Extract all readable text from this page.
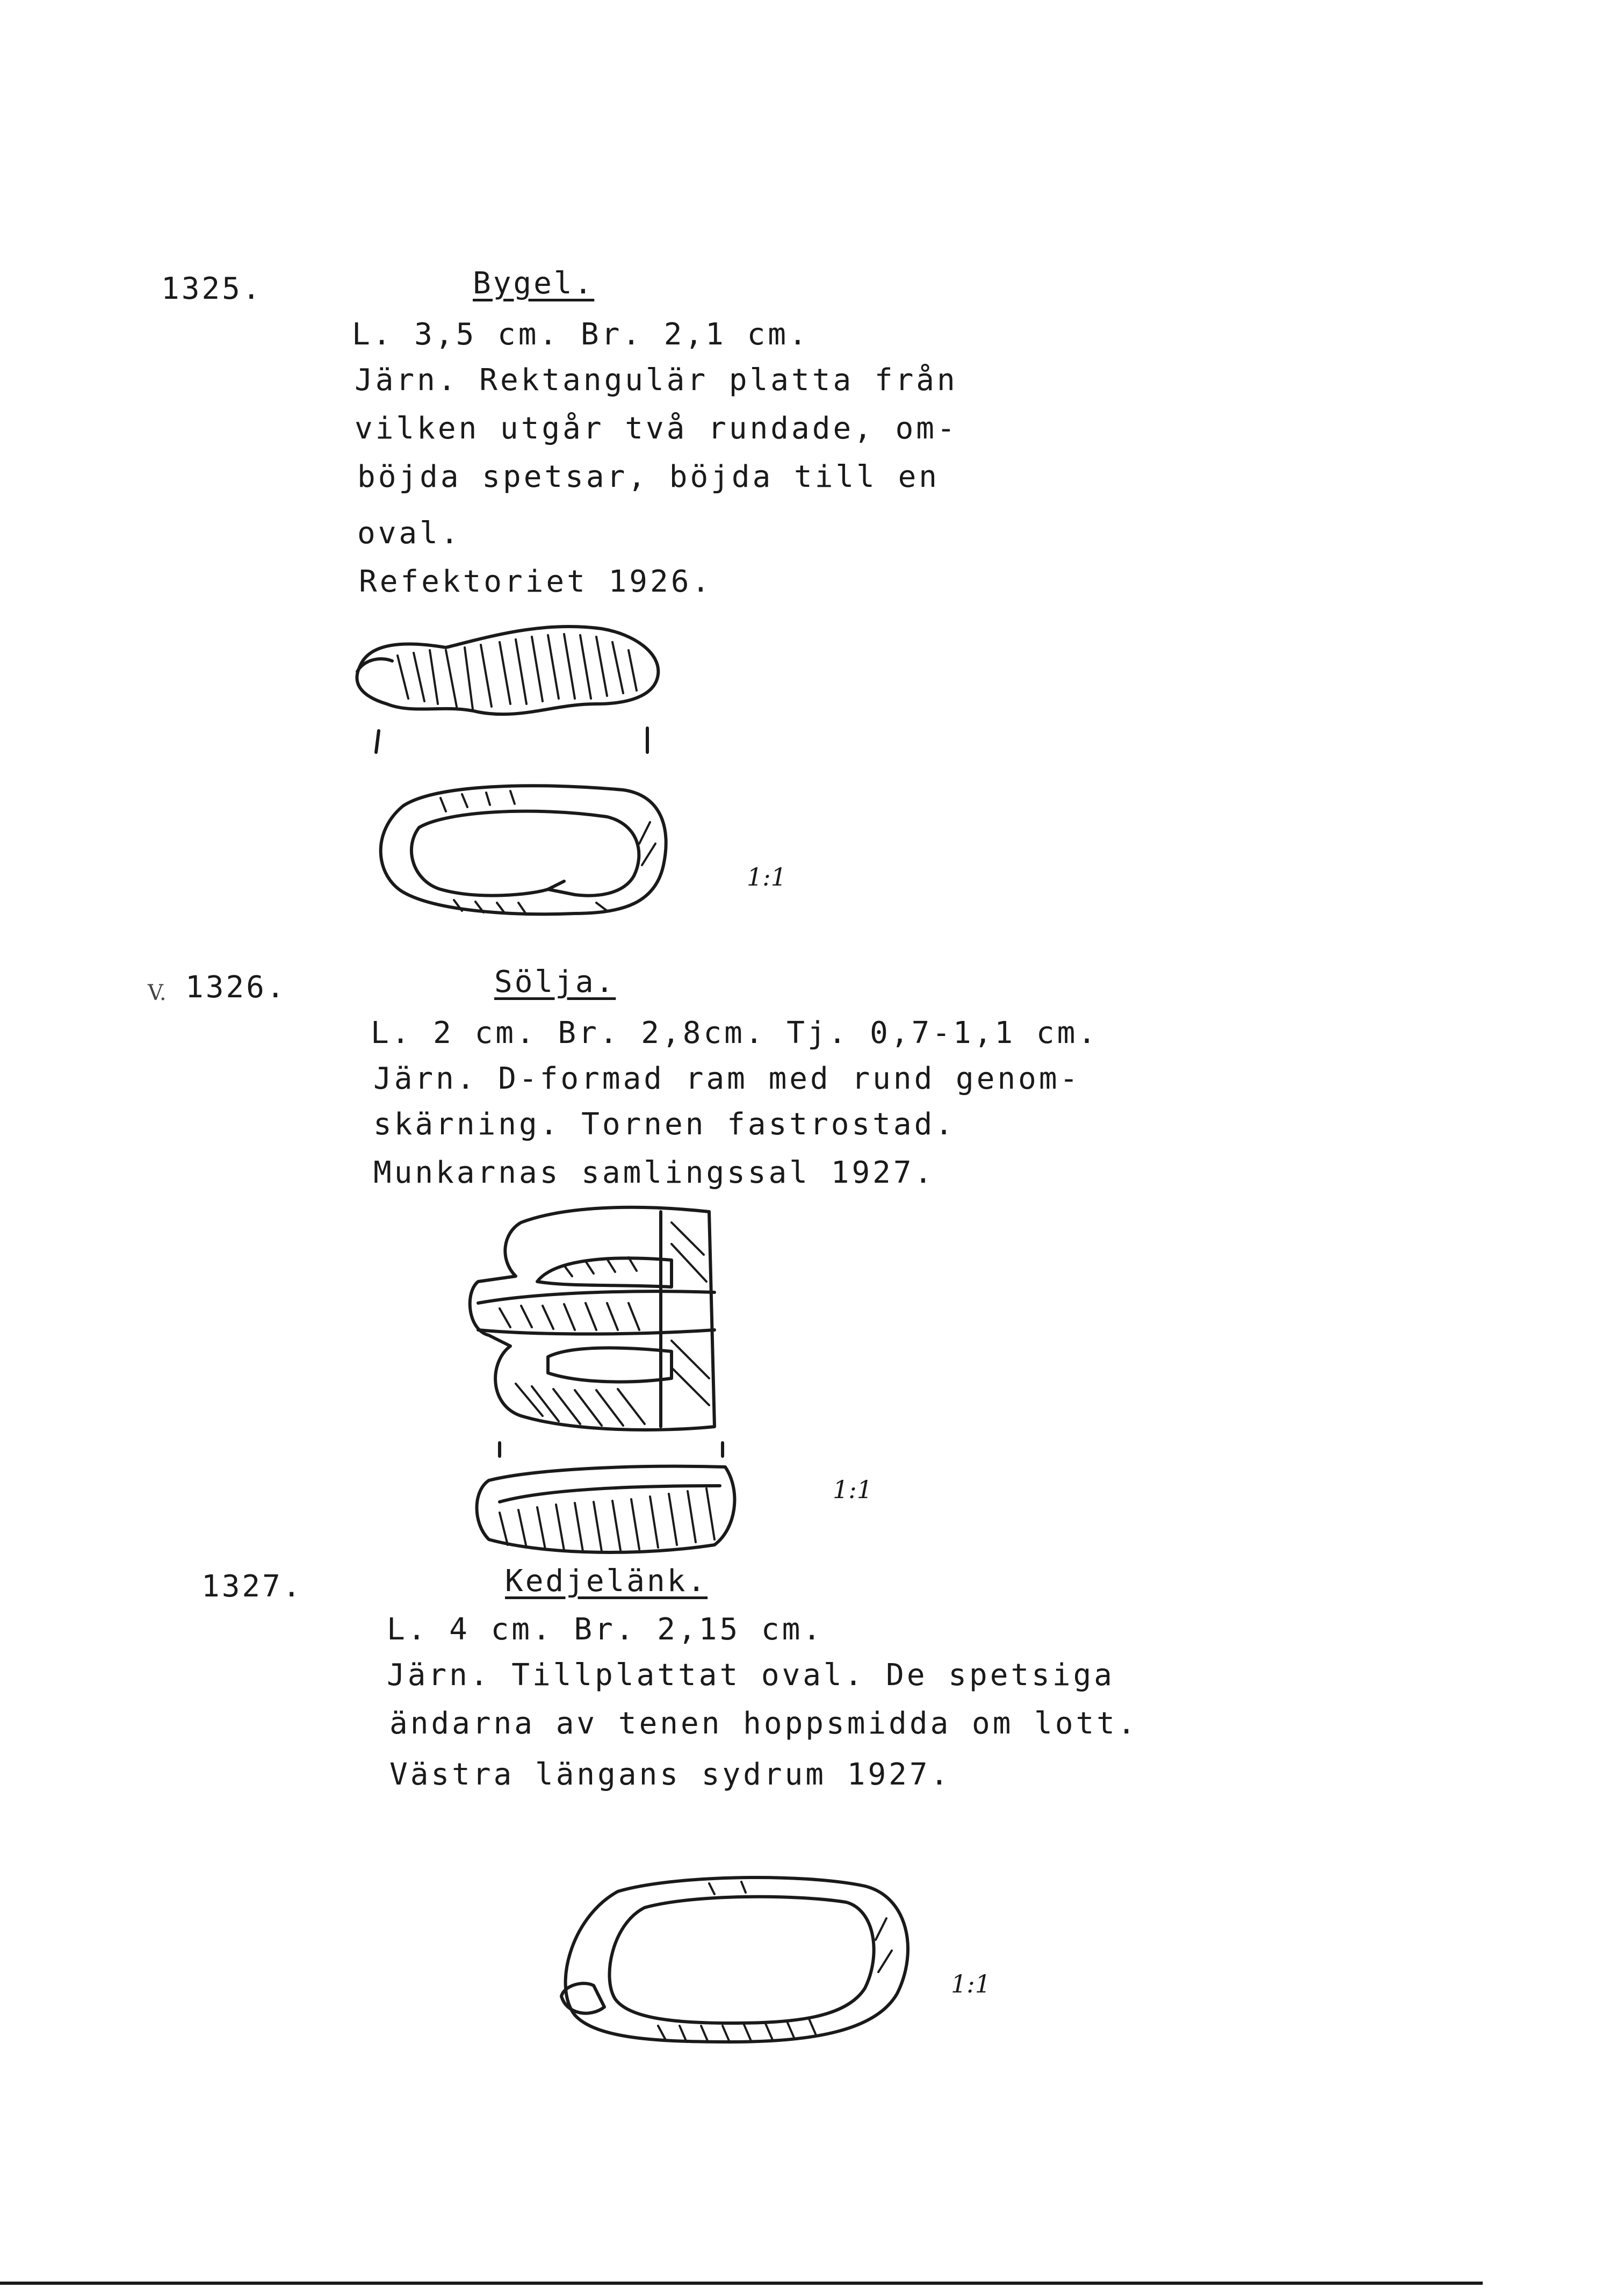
1325.	Bygel.
L. 3,5 cm. Br. 2,1 cm.
Järn. Rektangulär platta från
vilken utgår två rundade, om-
böjda spetsar, böjda till en
oval.
Refektoriet 1926.
1:1
V. 1326.	Sölja.
L. 2 cm. Br. 2,8cm. Tj. 0,7-1,1 cm.
Järn. D-formad ram med rund genom-
skärning. Tornen fastrostad.
Munkarnas samlingssal 1927.
1:1
1327.	Kedjelänk.
L. 4 cm. Br. 2,15 cm.
Järn. Tillplattat oval. De spetsiga
ändarna av tenen hoppsmidda om lott.
Västra längans sydrum 1927.
1:1
